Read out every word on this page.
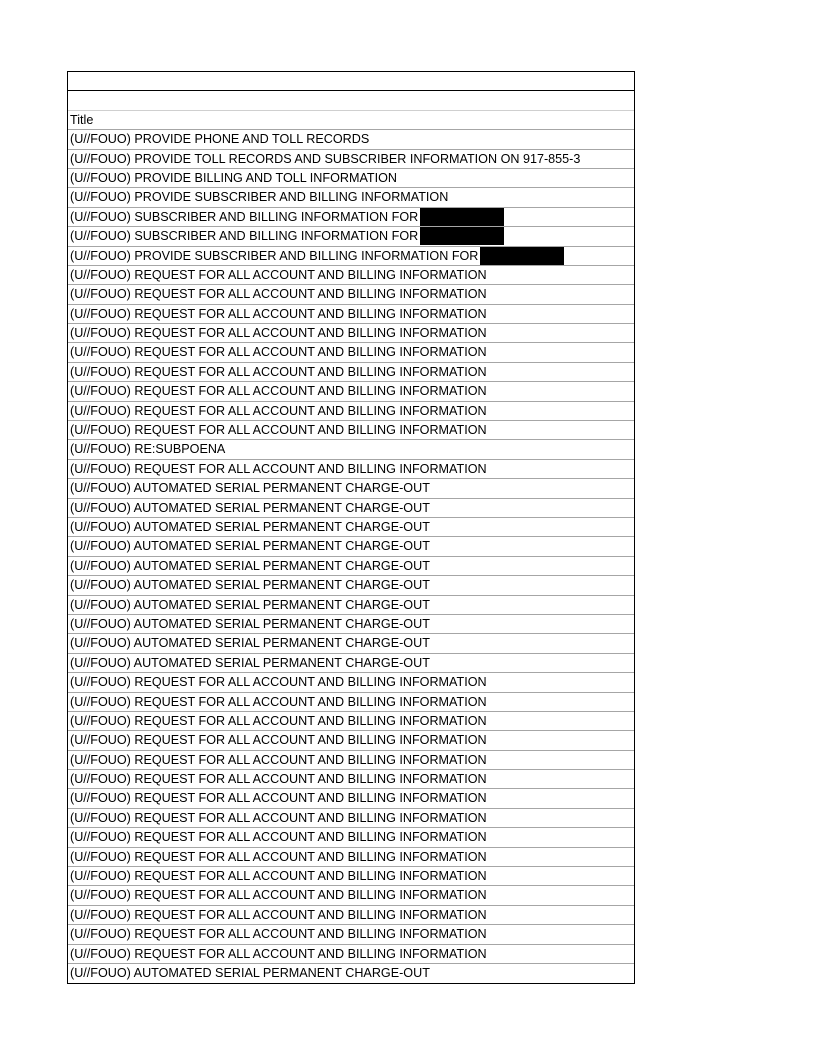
Title
(U//FOUO) PROVIDE PHONE AND TOLL RECORDS
(U//FOUO) PROVIDE TOLL RECORDS AND SUBSCRIBER INFORMATION ON 917-855-3
(U//FOUO) PROVIDE BILLING AND TOLL INFORMATION
(U//FOUO) PROVIDE SUBSCRIBER AND BILLING INFORMATION
(U//FOUO) SUBSCRIBER AND BILLING INFORMATION FOR
(U//FOUO) SUBSCRIBER AND BILLING INFORMATION FOR
(U//FOUO) PROVIDE SUBSCRIBER AND BILLING INFORMATION FOR
(U//FOUO) REQUEST FOR ALL ACCOUNT AND BILLING INFORMATION
(U//FOUO) REQUEST FOR ALL ACCOUNT AND BILLING INFORMATION
(U//FOUO) REQUEST FOR ALL ACCOUNT AND BILLING INFORMATION
(U//FOUO) REQUEST FOR ALL ACCOUNT AND BILLING INFORMATION
(U//FOUO) REQUEST FOR ALL ACCOUNT AND BILLING INFORMATION
(U//FOUO) REQUEST FOR ALL ACCOUNT AND BILLING INFORMATION
(U//FOUO) REQUEST FOR ALL ACCOUNT AND BILLING INFORMATION
(U//FOUO) REQUEST FOR ALL ACCOUNT AND BILLING INFORMATION
(U//FOUO) REQUEST FOR ALL ACCOUNT AND BILLING INFORMATION
(U//FOUO) RE:SUBPOENA
(U//FOUO) REQUEST FOR ALL ACCOUNT AND BILLING INFORMATION
(U//FOUO) AUTOMATED SERIAL PERMANENT CHARGE-OUT
(U//FOUO) AUTOMATED SERIAL PERMANENT CHARGE-OUT
(U//FOUO) AUTOMATED SERIAL PERMANENT CHARGE-OUT
(U//FOUO) AUTOMATED SERIAL PERMANENT CHARGE-OUT
(U//FOUO) AUTOMATED SERIAL PERMANENT CHARGE-OUT
(U//FOUO) AUTOMATED SERIAL PERMANENT CHARGE-OUT
(U//FOUO) AUTOMATED SERIAL PERMANENT CHARGE-OUT
(U//FOUO) AUTOMATED SERIAL PERMANENT CHARGE-OUT
(U//FOUO) AUTOMATED SERIAL PERMANENT CHARGE-OUT
(U//FOUO) AUTOMATED SERIAL PERMANENT CHARGE-OUT
(U//FOUO) REQUEST FOR ALL ACCOUNT AND BILLING INFORMATION
(U//FOUO) REQUEST FOR ALL ACCOUNT AND BILLING INFORMATION
(U//FOUO) REQUEST FOR ALL ACCOUNT AND BILLING INFORMATION
(U//FOUO) REQUEST FOR ALL ACCOUNT AND BILLING INFORMATION
(U//FOUO) REQUEST FOR ALL ACCOUNT AND BILLING INFORMATION
(U//FOUO) REQUEST FOR ALL ACCOUNT AND BILLING INFORMATION
(U//FOUO) REQUEST FOR ALL ACCOUNT AND BILLING INFORMATION
(U//FOUO) REQUEST FOR ALL ACCOUNT AND BILLING INFORMATION
(U//FOUO) REQUEST FOR ALL ACCOUNT AND BILLING INFORMATION
(U//FOUO) REQUEST FOR ALL ACCOUNT AND BILLING INFORMATION
(U//FOUO) REQUEST FOR ALL ACCOUNT AND BILLING INFORMATION
(U//FOUO) REQUEST FOR ALL ACCOUNT AND BILLING INFORMATION
(U//FOUO) REQUEST FOR ALL ACCOUNT AND BILLING INFORMATION
(U//FOUO) REQUEST FOR ALL ACCOUNT AND BILLING INFORMATION
(U//FOUO) REQUEST FOR ALL ACCOUNT AND BILLING INFORMATION
(U//FOUO) AUTOMATED SERIAL PERMANENT CHARGE-OUT
